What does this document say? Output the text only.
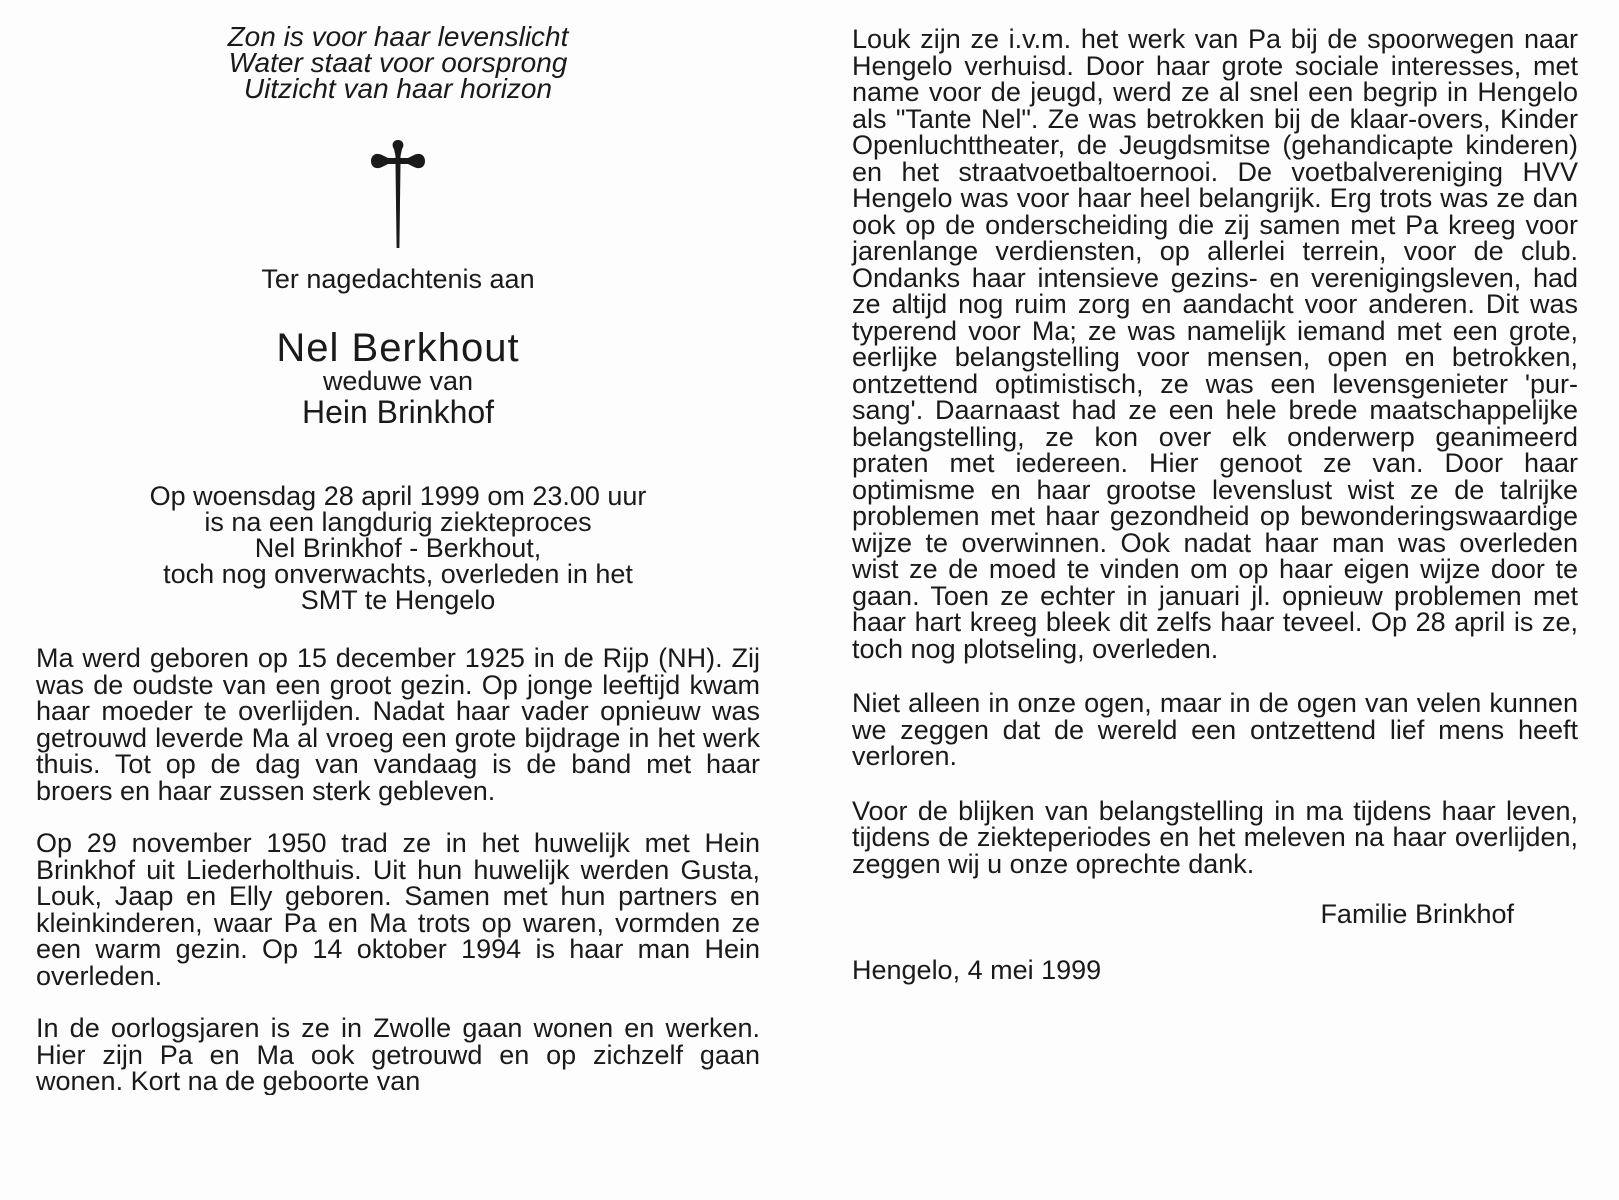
Zon is voor haar levenslicht
Water staat voor oorsprong
Uitzicht van haar horizon
Ter nagedachtenis aan
Nel Berkhout
weduwe van
Hein Brinkhof
Op woensdag 28 april 1999 om 23.00 uur
is na een langdurig ziekteproces
Nel Brinkhof - Berkhout,
toch nog onverwachts, overleden in het
SMT te Hengelo

Ma werd geboren op 15 december 1925 in de Rijp (NH). Zij was de oudste van een groot gezin. Op jonge leeftijd kwam haar moeder te overlijden. Nadat haar vader opnieuw was getrouwd leverde Ma al vroeg een grote bijdrage in het werk thuis. Tot op de dag van vandaag is de band met haar broers en haar zussen sterk gebleven.

Op 29 november 1950 trad ze in het huwelijk met Hein Brinkhof uit Liederholthuis. Uit hun huwelijk werden Gusta, Louk, Jaap en Elly geboren. Samen met hun partners en kleinkinderen, waar Pa en Ma trots op waren, vormden ze een warm gezin. Op 14 oktober 1994 is haar man Hein overleden.

In de oorlogsjaren is ze in Zwolle gaan wonen en werken. Hier zijn Pa en Ma ook getrouwd en op zichzelf gaan wonen. Kort na de geboorte van

Louk zijn ze i.v.m. het werk van Pa bij de spoorwegen naar Hengelo verhuisd. Door haar grote sociale interesses, met name voor de jeugd, werd ze al snel een begrip in Hengelo als "Tante Nel". Ze was betrokken bij de klaar-overs, Kinder Openluchttheater, de Jeugdsmitse (gehandicapte kinderen) en het straatvoetbaltoernooi. De voetbalvereniging HVV Hengelo was voor haar heel belangrijk. Erg trots was ze dan ook op de onderscheiding die zij samen met Pa kreeg voor jarenlange verdiensten, op allerlei terrein, voor de club. Ondanks haar intensieve gezins- en verenigingsleven, had ze altijd nog ruim zorg en aandacht voor anderen. Dit was typerend voor Ma; ze was namelijk iemand met een grote, eerlijke belangstelling voor mensen, open en betrokken, ontzettend optimistisch, ze was een levensgenieter 'pur-sang'. Daarnaast had ze een hele brede maatschappelijke belangstelling, ze kon over elk onderwerp geanimeerd praten met iedereen. Hier genoot ze van. Door haar optimisme en haar grootse levenslust wist ze de talrijke problemen met haar gezondheid op bewonderingswaardige wijze te overwinnen. Ook nadat haar man was overleden wist ze de moed te vinden om op haar eigen wijze door te gaan. Toen ze echter in januari jl. opnieuw problemen met haar hart kreeg bleek dit zelfs haar teveel. Op 28 april is ze, toch nog plotseling, overleden.

Niet alleen in onze ogen, maar in de ogen van velen kunnen we zeggen dat de wereld een ontzettend lief mens heeft verloren.

Voor de blijken van belangstelling in ma tijdens haar leven, tijdens de ziekteperiodes en het meleven na haar overlijden, zeggen wij u onze oprechte dank.

Familie Brinkhof
Hengelo, 4 mei 1999
